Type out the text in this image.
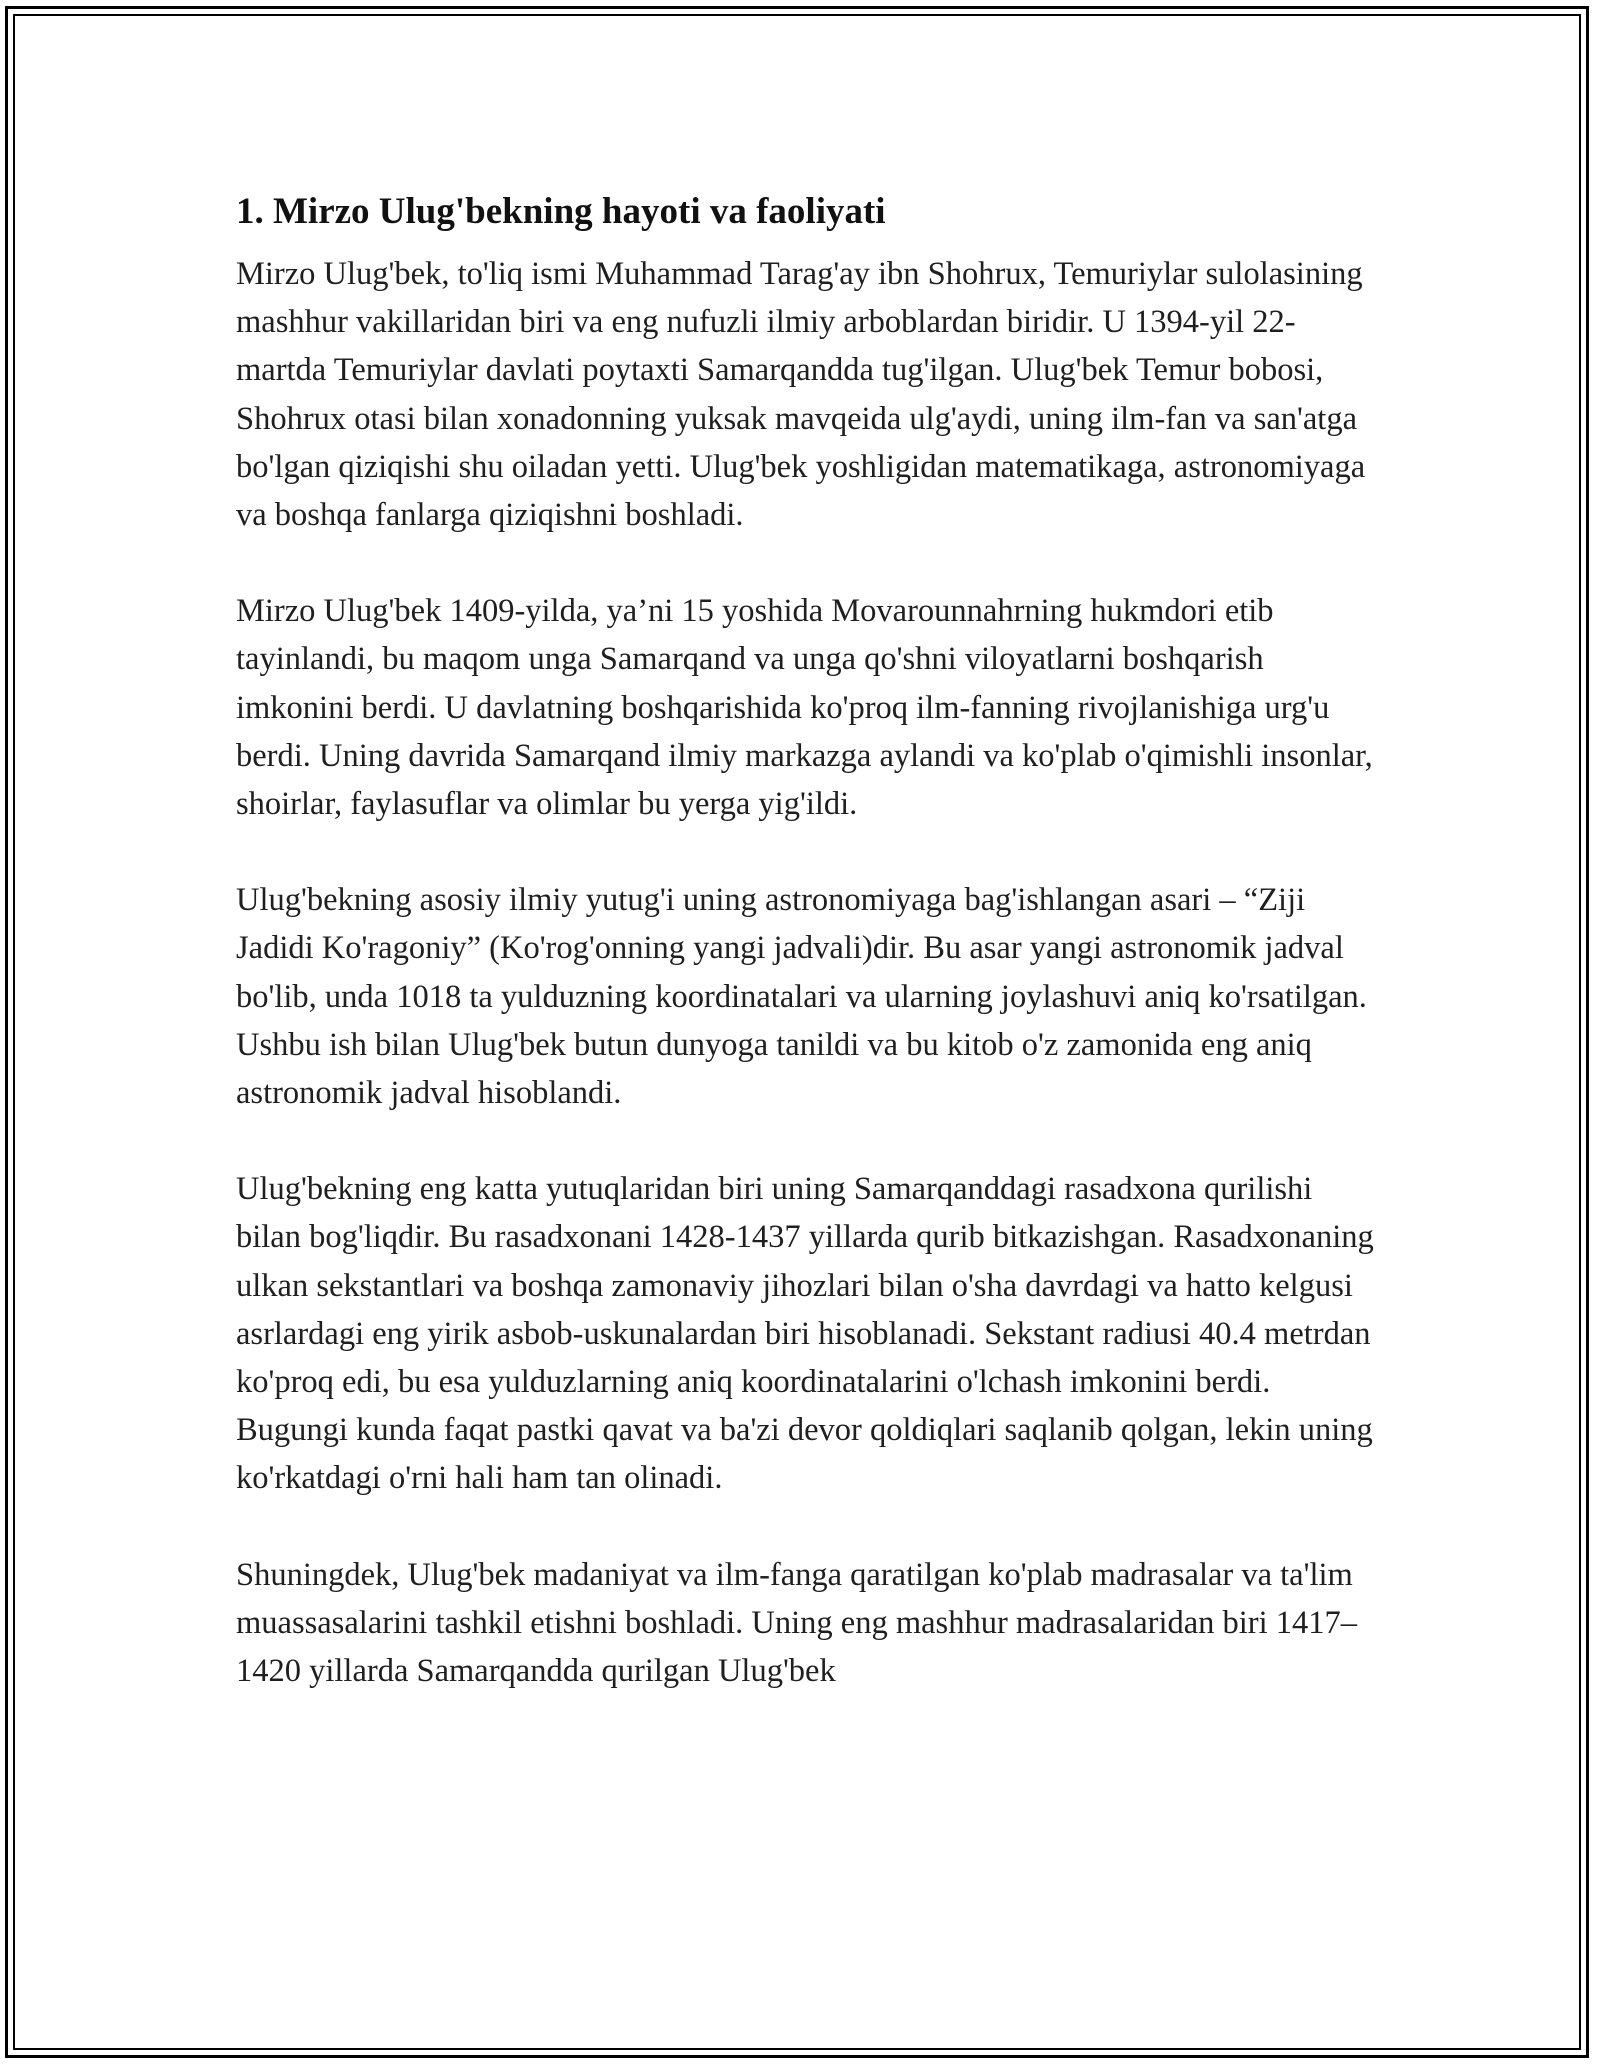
1. Mirzo Ulug'bekning hayoti va faoliyati

Mirzo Ulug'bek, to'liq ismi Muhammad Tarag'ay ibn Shohrux, Temuriylar sulolasining mashhur vakillaridan biri va eng nufuzli ilmiy arboblardan biridir. U 1394-yil 22-martda Temuriylar davlati poytaxti Samarqandda tug'ilgan. Ulug'bek Temur bobosi, Shohrux otasi bilan xonadonning yuksak mavqeida ulg'aydi, uning ilm-fan va san'atga bo'lgan qiziqishi shu oiladan yetti. Ulug'bek yoshligidan matematikaga, astronomiyaga va boshqa fanlarga qiziqishni boshladi.

Mirzo Ulug'bek 1409-yilda, ya’ni 15 yoshida Movarounnahrning hukmdori etib tayinlandi, bu maqom unga Samarqand va unga qo'shni viloyatlarni boshqarish imkonini berdi. U davlatning boshqarishida ko'proq ilm-fanning rivojlanishiga urg'u berdi. Uning davrida Samarqand ilmiy markazga aylandi va ko'plab o'qimishli insonlar, shoirlar, faylasuflar va olimlar bu yerga yig'ildi.

Ulug'bekning asosiy ilmiy yutug'i uning astronomiyaga bag'ishlangan asari – “Ziji Jadidi Ko'ragoniy” (Ko'rog'onning yangi jadvali)dir. Bu asar yangi astronomik jadval bo'lib, unda 1018 ta yulduzning koordinatalari va ularning joylashuvi aniq ko'rsatilgan. Ushbu ish bilan Ulug'bek butun dunyoga tanildi va bu kitob o'z zamonida eng aniq astronomik jadval hisoblandi.

Ulug'bekning eng katta yutuqlaridan biri uning Samarqanddagi rasadxona qurilishi bilan bog'liqdir. Bu rasadxonani 1428-1437 yillarda qurib bitkazishgan. Rasadxonaning ulkan sekstantlari va boshqa zamonaviy jihozlari bilan o'sha davrdagi va hatto kelgusi asrlardagi eng yirik asbob-uskunalardan biri hisoblanadi. Sekstant radiusi 40.4 metrdan ko'proq edi, bu esa yulduzlarning aniq koordinatalarini o'lchash imkonini berdi. Bugungi kunda faqat pastki qavat va ba'zi devor qoldiqlari saqlanib qolgan, lekin uning ko'rkatdagi o'rni hali ham tan olinadi.

Shuningdek, Ulug'bek madaniyat va ilm-fanga qaratilgan ko'plab madrasalar va ta'lim muassasalarini tashkil etishni boshladi. Uning eng mashhur madrasalaridan biri 1417–1420 yillarda Samarqandda qurilgan Ulug'bek
